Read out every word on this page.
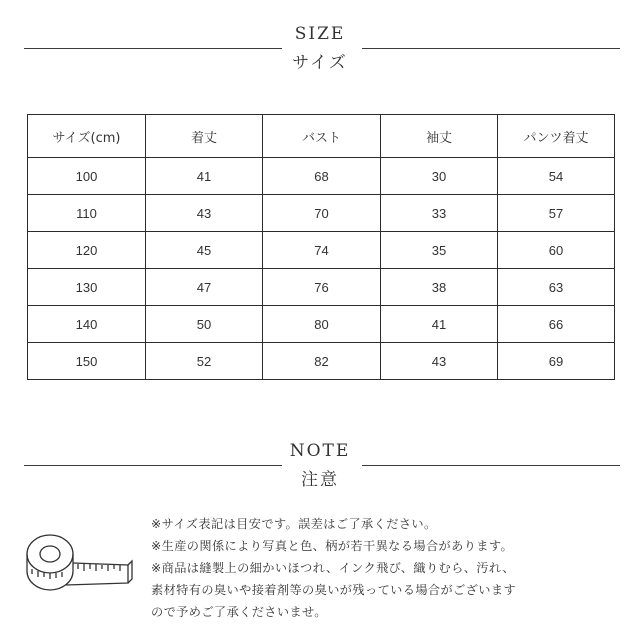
SIZE
サイズ
サイズ(cm)	着丈	バスト	袖丈	パンツ着丈
100	41	68	30	54
110	43	70	33	57
120	45	74	35	60
130	47	76	38	63
140	50	80	41	66
150	52	82	43	69
NOTE
注意
※サイズ表記は目安です。誤差はご了承ください。
※生産の関係により写真と色、柄が若干異なる場合があります。
※商品は縫製上の細かいほつれ、インク飛び、織りむら、汚れ、
素材特有の臭いや接着剤等の臭いが残っている場合がございます
ので予めご了承くださいませ。
